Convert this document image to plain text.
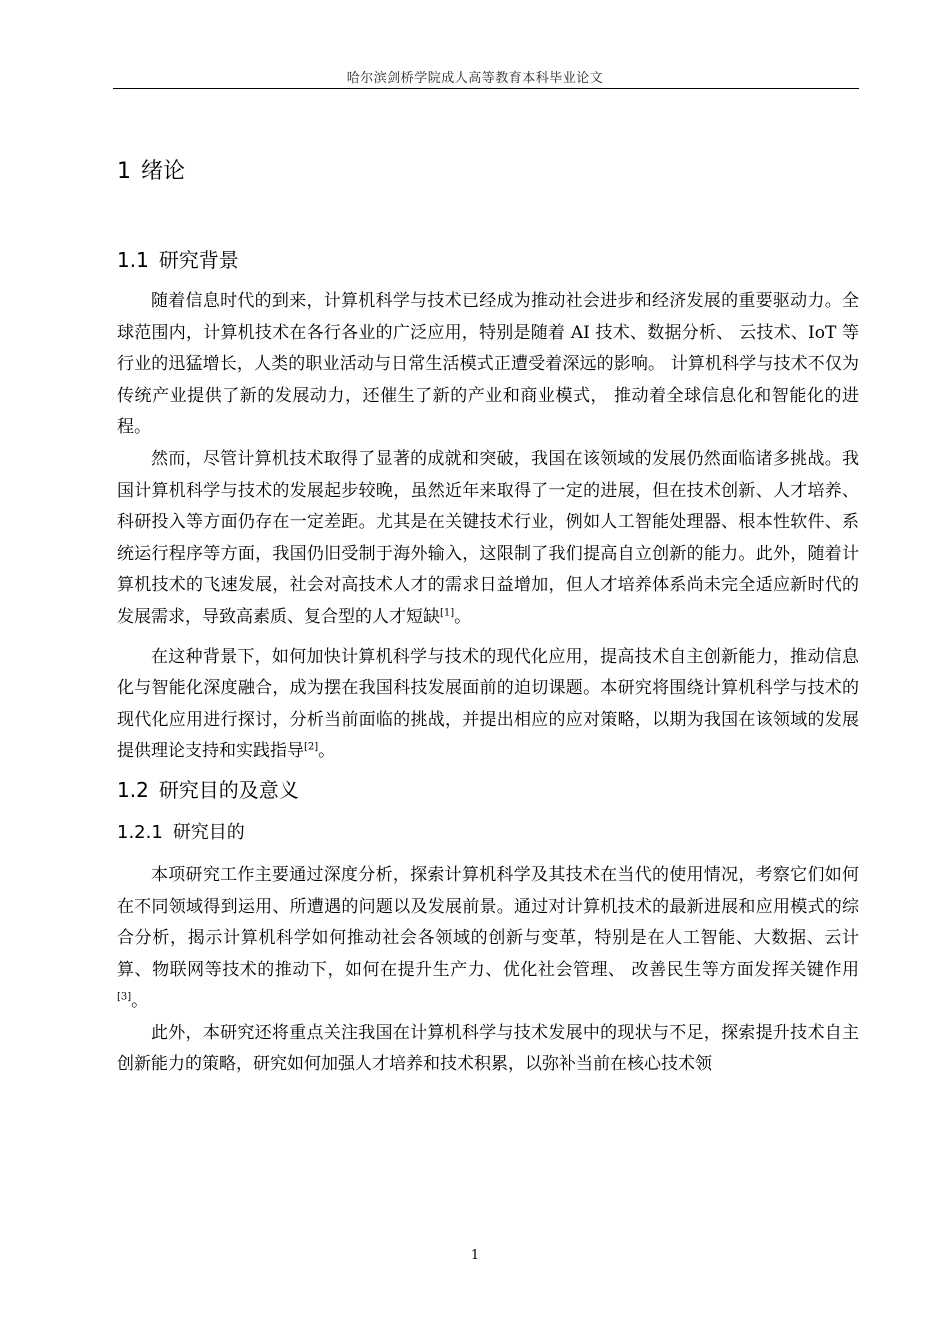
哈尔滨剑桥学院成人高等教育本科毕业论文
1 绪论
1.1 研究背景

随着信息时代的到来，计算机科学与技术已经成为推动社会进步和经济发展的重要驱动力。全球范围内，计算机技术在各行各业的广泛应用，特别是随着 AI 技术、数据分析、 云技术、IoT 等行业的迅猛增长，人类的职业活动与日常生活模式正遭受着深远的影响。 计算机科学与技术不仅为传统产业提供了新的发展动力，还催生了新的产业和商业模式， 推动着全球信息化和智能化的进程。

然而，尽管计算机技术取得了显著的成就和突破，我国在该领域的发展仍然面临诸多挑战。我国计算机科学与技术的发展起步较晚，虽然近年来取得了一定的进展，但在技术创新、人才培养、科研投入等方面仍存在一定差距。尤其是在关键技术行业，例如人工智能处理器、根本性软件、系统运行程序等方面，我国仍旧受制于海外输入，这限制了我们提高自立创新的能力。此外，随着计算机技术的飞速发展，社会对高技术人才的需求日益增加，但人才培养体系尚未完全适应新时代的发展需求，导致高素质、复合型的人才短缺[1]。

在这种背景下，如何加快计算机科学与技术的现代化应用，提高技术自主创新能力，推动信息化与智能化深度融合，成为摆在我国科技发展面前的迫切课题。本研究将围绕计算机科学与技术的现代化应用进行探讨，分析当前面临的挑战，并提出相应的应对策略，以期为我国在该领域的发展提供理论支持和实践指导[2]。

1.2 研究目的及意义
1.2.1 研究目的

本项研究工作主要通过深度分析，探索计算机科学及其技术在当代的使用情况，考察它们如何在不同领域得到运用、所遭遇的问题以及发展前景。通过对计算机技术的最新进展和应用模式的综合分析，揭示计算机科学如何推动社会各领域的创新与变革，特别是在人工智能、大数据、云计算、物联网等技术的推动下，如何在提升生产力、优化社会管理、 改善民生等方面发挥关键作用[3]。

此外，本研究还将重点关注我国在计算机科学与技术发展中的现状与不足，探索提升技术自主创新能力的策略，研究如何加强人才培养和技术积累，以弥补当前在核心技术领

1
